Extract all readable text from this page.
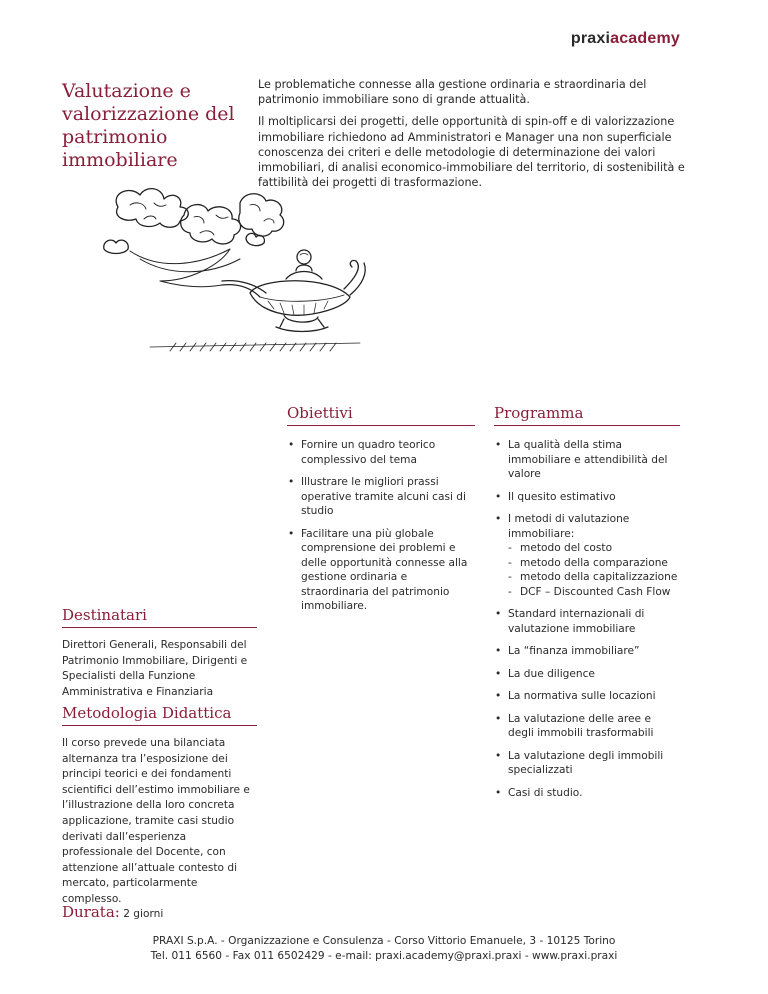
praxiacademy
Valutazione e valorizzazione del patrimonio immobiliare

Le problematiche connesse alla gestione ordinaria e straordinaria del patrimonio immobiliare sono di grande attualità.

Il moltiplicarsi dei progetti, delle opportunità di spin-off e di valorizzazione immobiliare richiedono ad Amministratori e Manager una non superficiale conoscenza dei criteri e delle metodologie di determinazione dei valori immobiliari, di analisi economico-immobiliare del territorio, di sostenibilità e fattibilità dei progetti di trasformazione.

Obiettivi
• Fornire un quadro teorico complessivo del tema
• Illustrare le migliori prassi operative tramite alcuni casi di studio
• Facilitare una più globale comprensione dei problemi e delle opportunità connesse alla gestione ordinaria e straordinaria del patrimonio immobiliare.
Programma
• La qualità della stima immobiliare e attendibilità del valore
• Il quesito estimativo
• I metodi di valutazione immobiliare:
- metodo del costo
- metodo della comparazione
- metodo della capitalizzazione
- DCF – Discounted Cash Flow
• Standard internazionali di valutazione immobiliare
• La “finanza immobiliare”
• La due diligence
• La normativa sulle locazioni
• La valutazione delle aree e degli immobili trasformabili
• La valutazione degli immobili specializzati
• Casi di studio.
Destinatari
Direttori Generali, Responsabili del Patrimonio Immobiliare, Dirigenti e Specialisti della Funzione Amministrativa e Finanziaria
Metodologia Didattica
Il corso prevede una bilanciata alternanza tra l’esposizione dei principi teorici e dei fondamenti scientifici dell’estimo immobiliare e l’illustrazione della loro concreta applicazione, tramite casi studio derivati dall’esperienza professionale del Docente, con attenzione all’attuale contesto di mercato, particolarmente complesso.
Durata: 2 giorni
PRAXI S.p.A. - Organizzazione e Consulenza - Corso Vittorio Emanuele, 3 - 10125 Torino
Tel. 011 6560 - Fax 011 6502429 - e-mail: praxi.academy@praxi.praxi - www.praxi.praxi
